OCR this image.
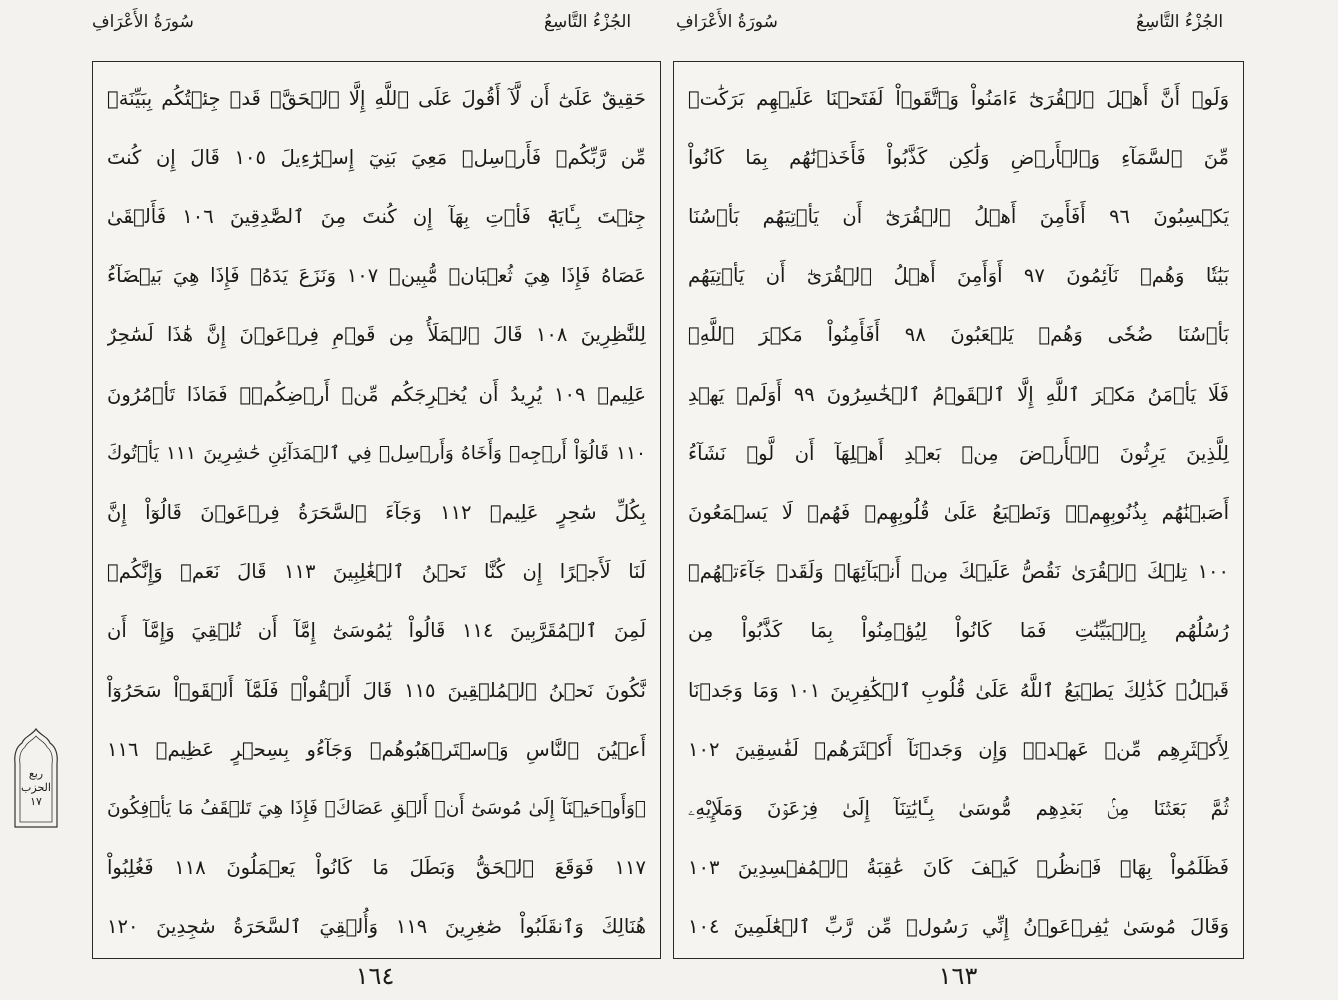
سُورَةُ الأَعْرَافِ	الجُزْءُ التَّاسِعُ	سُورَةُ الأَعْرَافِ	الجُزْءُ التَّاسِعُ
حَقِيقٌ عَلَىٰٓ أَن لَّآ أَقُولَ عَلَى ٱللَّهِ إِلَّا ٱلۡحَقَّۚ قَدۡ جِئۡتُكُم بِبَيِّنَةٖ
مِّن رَّبِّكُمۡ فَأَرۡسِلۡ مَعِيَ بَنِيٓ إِسۡرَٰٓءِيلَ ١٠٥ قَالَ إِن كُنتَ
جِئۡتَ بِـَٔايَةٖ فَأۡتِ بِهَآ إِن كُنتَ مِنَ ٱلصَّٰدِقِينَ ١٠٦ فَأَلۡقَىٰ
عَصَاهُ فَإِذَا هِيَ ثُعۡبَانٞ مُّبِينٞ ١٠٧ وَنَزَعَ يَدَهُۥ فَإِذَا هِيَ بَيۡضَآءُ
لِلنَّٰظِرِينَ ١٠٨ قَالَ ٱلۡمَلَأُ مِن قَوۡمِ فِرۡعَوۡنَ إِنَّ هَٰذَا لَسَٰحِرٌ
عَلِيمٞ ١٠٩ يُرِيدُ أَن يُخۡرِجَكُم مِّنۡ أَرۡضِكُمۡۖ فَمَاذَا تَأۡمُرُونَ
١١٠ قَالُوٓاْ أَرۡجِهۡ وَأَخَاهُ وَأَرۡسِلۡ فِي ٱلۡمَدَآئِنِ حَٰشِرِينَ ١١١ يَأۡتُوكَ
بِكُلِّ سَٰحِرٍ عَلِيمٖ ١١٢ وَجَآءَ ٱلسَّحَرَةُ فِرۡعَوۡنَ قَالُوٓاْ إِنَّ
لَنَا لَأَجۡرًا إِن كُنَّا نَحۡنُ ٱلۡغَٰلِبِينَ ١١٣ قَالَ نَعَمۡ وَإِنَّكُمۡ
لَمِنَ ٱلۡمُقَرَّبِينَ ١١٤ قَالُواْ يَٰمُوسَىٰٓ إِمَّآ أَن تُلۡقِيَ وَإِمَّآ أَن
نَّكُونَ نَحۡنُ ٱلۡمُلۡقِينَ ١١٥ قَالَ أَلۡقُواْۖ فَلَمَّآ أَلۡقَوۡاْ سَحَرُوٓاْ
أَعۡيُنَ ٱلنَّاسِ وَٱسۡتَرۡهَبُوهُمۡ وَجَآءُو بِسِحۡرٍ عَظِيمٖ ١١٦
۞وَأَوۡحَيۡنَآ إِلَىٰ مُوسَىٰٓ أَنۡ أَلۡقِ عَصَاكَۖ فَإِذَا هِيَ تَلۡقَفُ مَا يَأۡفِكُونَ
١١٧ فَوَقَعَ ٱلۡحَقُّ وَبَطَلَ مَا كَانُواْ يَعۡمَلُونَ ١١٨ فَغُلِبُواْ
هُنَالِكَ وَٱنقَلَبُواْ صَٰغِرِينَ ١١٩ وَأُلۡقِيَ ٱلسَّحَرَةُ سَٰجِدِينَ ١٢٠
وَلَوۡ أَنَّ أَهۡلَ ٱلۡقُرَىٰٓ ءَامَنُواْ وَٱتَّقَوۡاْ لَفَتَحۡنَا عَلَيۡهِم بَرَكَٰتٖ
مِّنَ ٱلسَّمَآءِ وَٱلۡأَرۡضِ وَلَٰكِن كَذَّبُواْ فَأَخَذۡنَٰهُم بِمَا كَانُواْ
يَكۡسِبُونَ ٩٦ أَفَأَمِنَ أَهۡلُ ٱلۡقُرَىٰٓ أَن يَأۡتِيَهُم بَأۡسُنَا
بَيَٰتٗا وَهُمۡ نَآئِمُونَ ٩٧ أَوَأَمِنَ أَهۡلُ ٱلۡقُرَىٰٓ أَن يَأۡتِيَهُم
بَأۡسُنَا ضُحٗى وَهُمۡ يَلۡعَبُونَ ٩٨ أَفَأَمِنُواْ مَكۡرَ ٱللَّهِۚ
فَلَا يَأۡمَنُ مَكۡرَ ٱللَّهِ إِلَّا ٱلۡقَوۡمُ ٱلۡخَٰسِرُونَ ٩٩ أَوَلَمۡ يَهۡدِ
لِلَّذِينَ يَرِثُونَ ٱلۡأَرۡضَ مِنۢ بَعۡدِ أَهۡلِهَآ أَن لَّوۡ نَشَآءُ
أَصَبۡنَٰهُم بِذُنُوبِهِمۡۚ وَنَطۡبَعُ عَلَىٰ قُلُوبِهِمۡ فَهُمۡ لَا يَسۡمَعُونَ
١٠٠ تِلۡكَ ٱلۡقُرَىٰ نَقُصُّ عَلَيۡكَ مِنۡ أَنۢبَآئِهَاۚ وَلَقَدۡ جَآءَتۡهُمۡ
رُسُلُهُم بِٱلۡبَيِّنَٰتِ فَمَا كَانُواْ لِيُؤۡمِنُواْ بِمَا كَذَّبُواْ مِن
قَبۡلُۚ كَذَٰلِكَ يَطۡبَعُ ٱللَّهُ عَلَىٰ قُلُوبِ ٱلۡكَٰفِرِينَ ١٠١ وَمَا وَجَدۡنَا
لِأَكۡثَرِهِم مِّنۡ عَهۡدٖۖ وَإِن وَجَدۡنَآ أَكۡثَرَهُمۡ لَفَٰسِقِينَ ١٠٢
ثُمَّ بَعَثۡنَا مِنۢ بَعۡدِهِم مُّوسَىٰ بِـَٔايَٰتِنَآ إِلَىٰ فِرۡعَوۡنَ وَمَلَإِيْهِۦ
فَظَلَمُواْ بِهَاۖ فَٱنظُرۡ كَيۡفَ كَانَ عَٰقِبَةُ ٱلۡمُفۡسِدِينَ ١٠٣
وَقَالَ مُوسَىٰ يَٰفِرۡعَوۡنُ إِنِّي رَسُولٞ مِّن رَّبِّ ٱلۡعَٰلَمِينَ ١٠٤
١٦٤	١٦٣
ربع
الحزب
١٧
